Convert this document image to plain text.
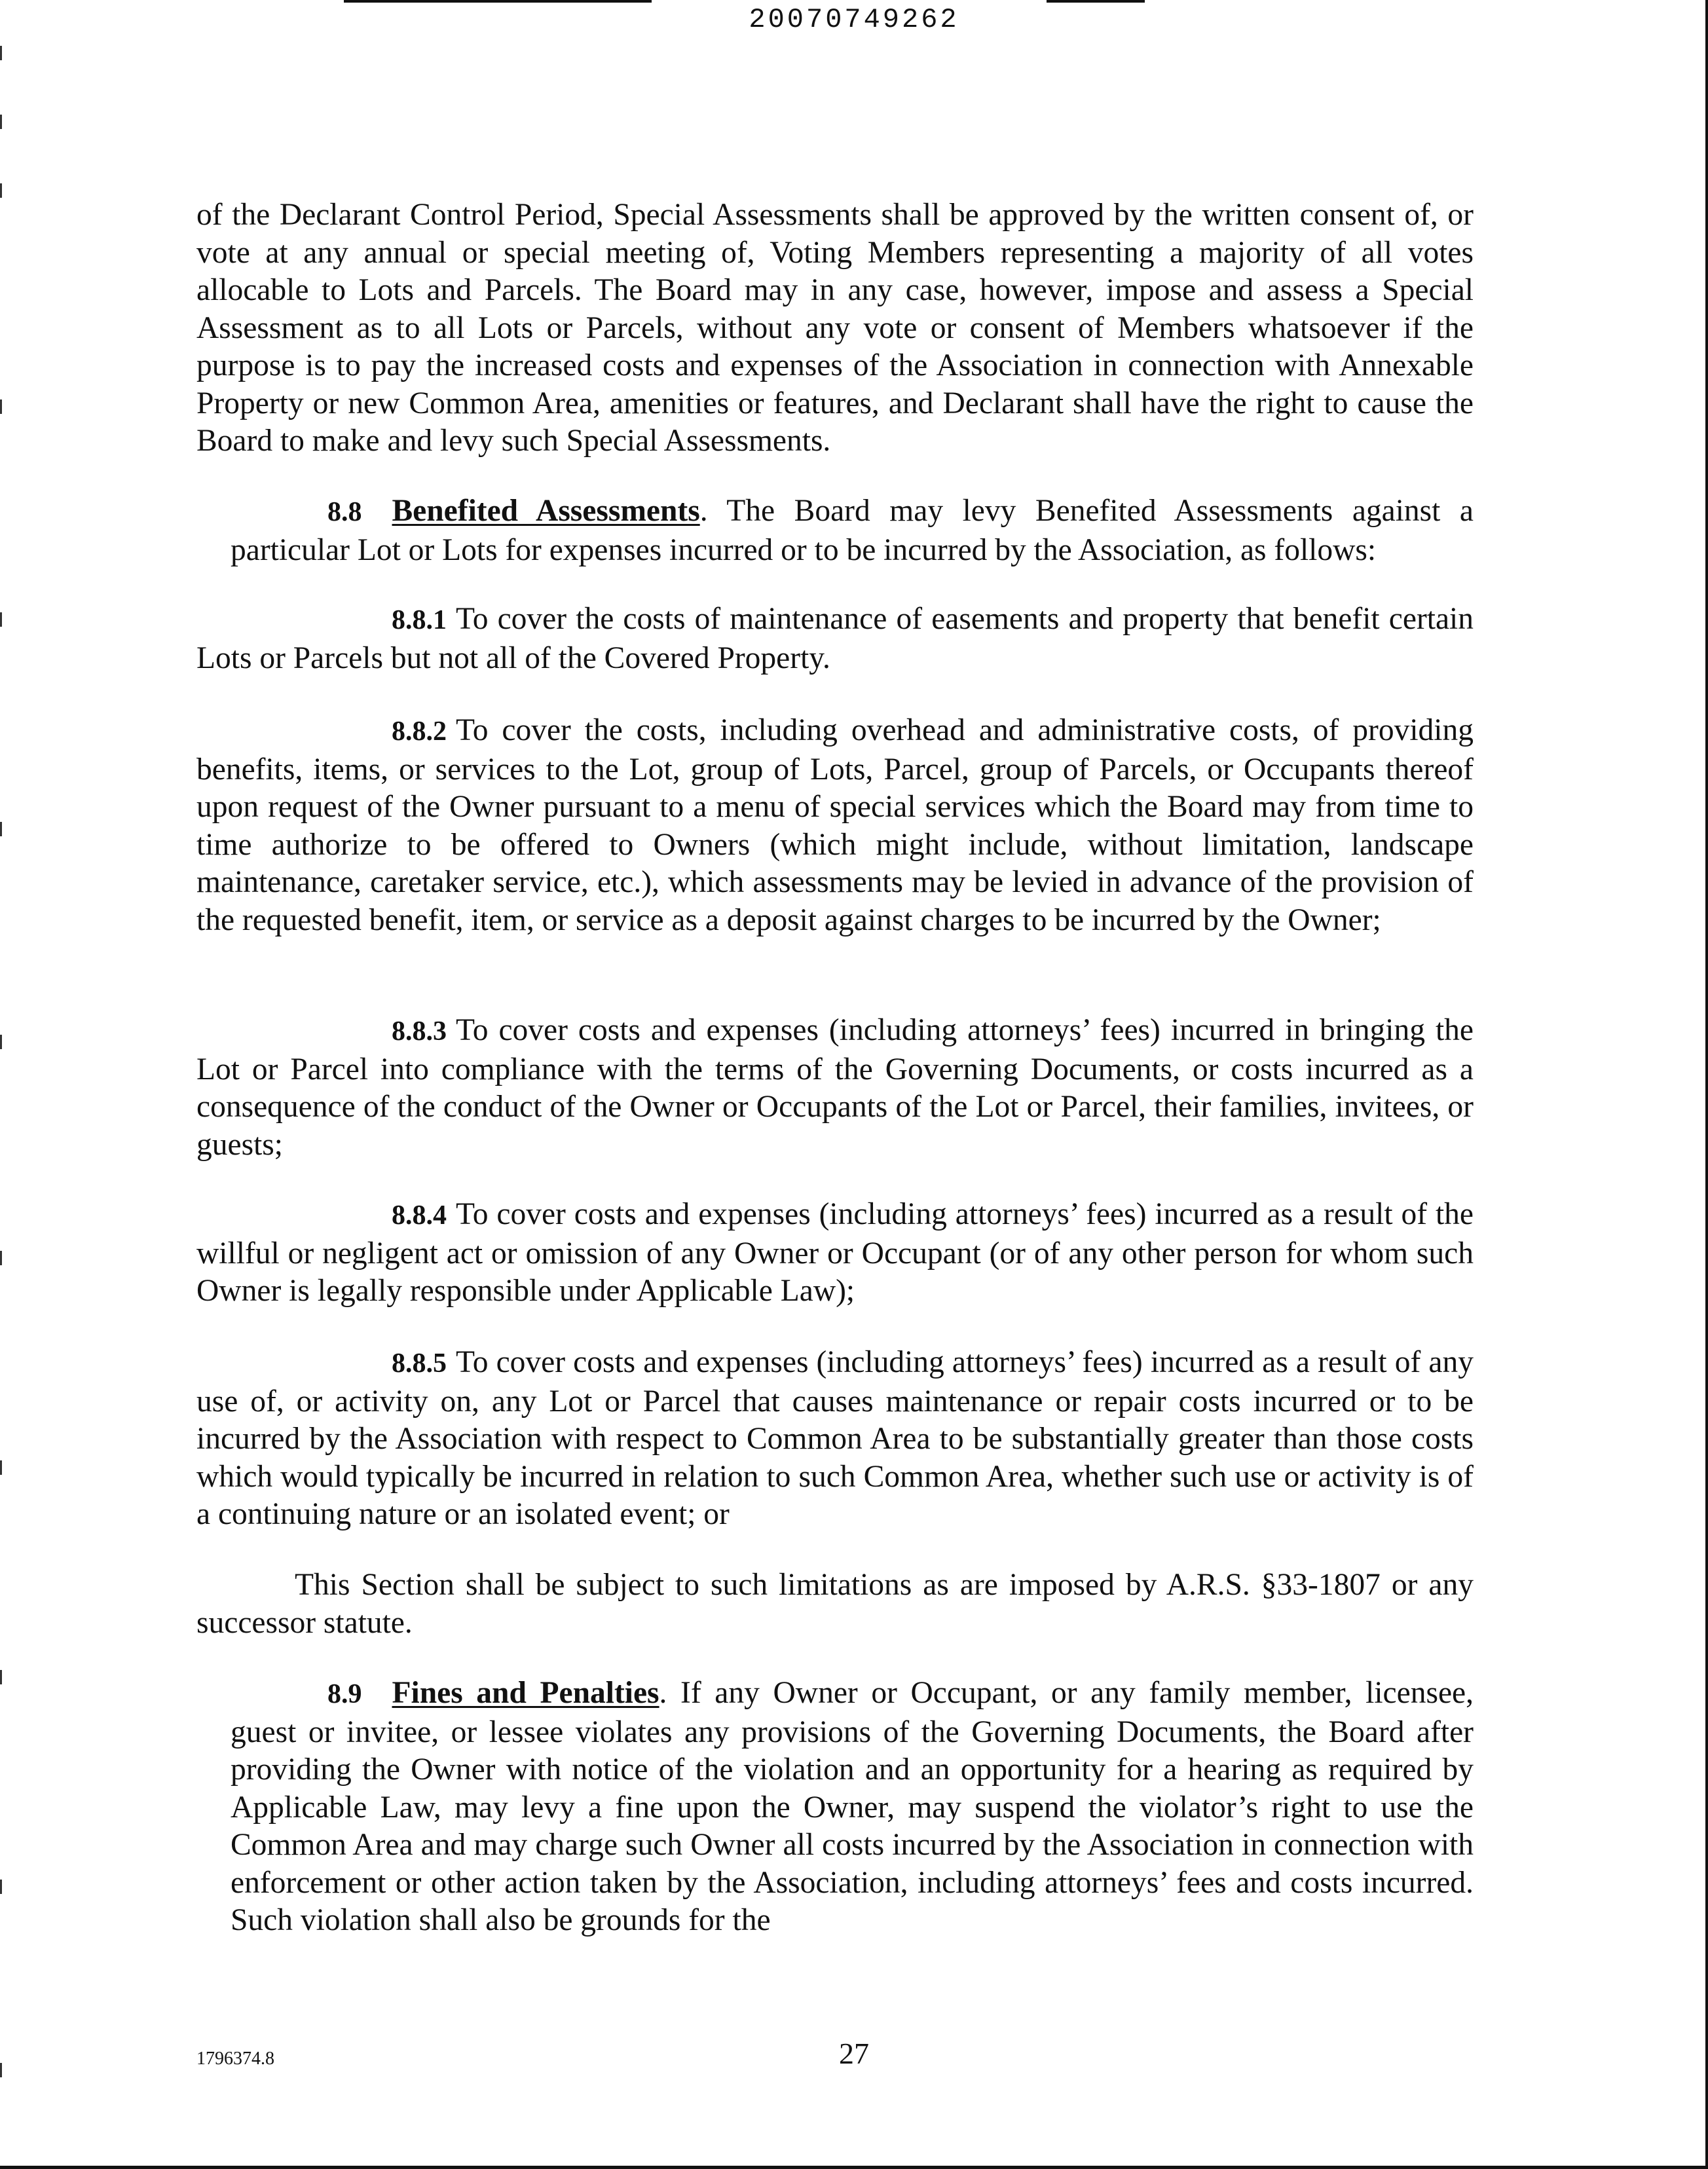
20070749262

of the Declarant Control Period, Special Assessments shall be approved by the written consent of, or vote at any annual or special meeting of, Voting Members representing a majority of all votes allocable to Lots and Parcels. The Board may in any case, however, impose and assess a Special Assessment as to all Lots or Parcels, without any vote or consent of Members whatsoever if the purpose is to pay the increased costs and expenses of the Association in connection with Annexable Property or new Common Area, amenities or features, and Declarant shall have the right to cause the Board to make and levy such Special Assessments.

8.8 Benefited Assessments. The Board may levy Benefited Assessments against a particular Lot or Lots for expenses incurred or to be incurred by the Association, as follows:

8.8.1 To cover the costs of maintenance of easements and property that benefit certain Lots or Parcels but not all of the Covered Property.

8.8.2 To cover the costs, including overhead and administrative costs, of providing benefits, items, or services to the Lot, group of Lots, Parcel, group of Parcels, or Occupants thereof upon request of the Owner pursuant to a menu of special services which the Board may from time to time authorize to be offered to Owners (which might include, without limitation, landscape maintenance, caretaker service, etc.), which assessments may be levied in advance of the provision of the requested benefit, item, or service as a deposit against charges to be incurred by the Owner;

8.8.3 To cover costs and expenses (including attorneys’ fees) incurred in bringing the Lot or Parcel into compliance with the terms of the Governing Documents, or costs incurred as a consequence of the conduct of the Owner or Occupants of the Lot or Parcel, their families, invitees, or guests;

8.8.4 To cover costs and expenses (including attorneys’ fees) incurred as a result of the willful or negligent act or omission of any Owner or Occupant (or of any other person for whom such Owner is legally responsible under Applicable Law);

8.8.5 To cover costs and expenses (including attorneys’ fees) incurred as a result of any use of, or activity on, any Lot or Parcel that causes maintenance or repair costs incurred or to be incurred by the Association with respect to Common Area to be substantially greater than those costs which would typically be incurred in relation to such Common Area, whether such use or activity is of a continuing nature or an isolated event; or

This Section shall be subject to such limitations as are imposed by A.R.S. §33-1807 or any successor statute.

8.9 Fines and Penalties. If any Owner or Occupant, or any family member, licensee, guest or invitee, or lessee violates any provisions of the Governing Documents, the Board after providing the Owner with notice of the violation and an opportunity for a hearing as required by Applicable Law, may levy a fine upon the Owner, may suspend the violator’s right to use the Common Area and may charge such Owner all costs incurred by the Association in connection with enforcement or other action taken by the Association, including attorneys’ fees and costs incurred. Such violation shall also be grounds for the

1796374.8	27
